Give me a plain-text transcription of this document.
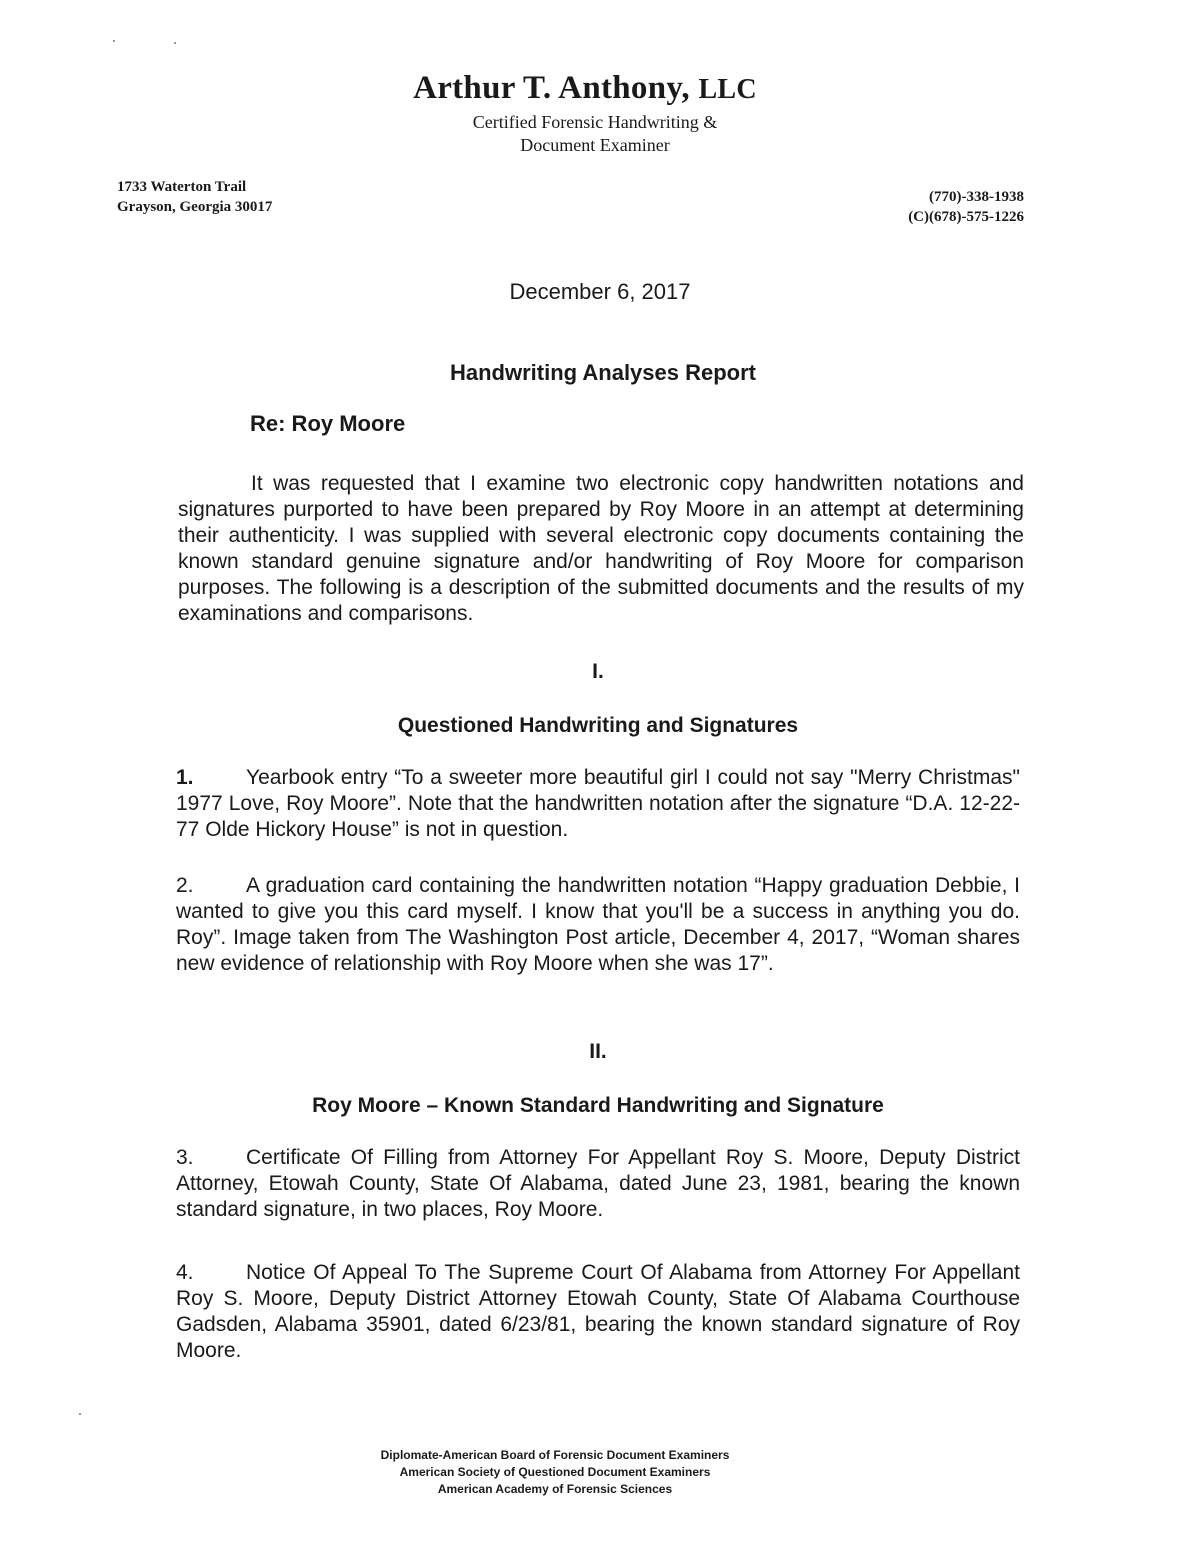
Arthur T. Anthony, LLC
Certified Forensic Handwriting &
Document Examiner
1733 Waterton Trail
Grayson, Georgia 30017
(770)-338-1938
(C)(678)-575-1226
December 6, 2017
Handwriting Analyses Report
Re: Roy Moore
It was requested that I examine two electronic copy handwritten notations and signatures purported to have been prepared by Roy Moore in an attempt at determining their authenticity. I was supplied with several electronic copy documents containing the known standard genuine signature and/or handwriting of Roy Moore for comparison purposes. The following is a description of the submitted documents and the results of my examinations and comparisons.
I.
Questioned Handwriting and Signatures
1. Yearbook entry “To a sweeter more beautiful girl I could not say "Merry Christmas" 1977 Love, Roy Moore”. Note that the handwritten notation after the signature “D.A. 12-22-77 Olde Hickory House” is not in question.
2. A graduation card containing the handwritten notation “Happy graduation Debbie, I wanted to give you this card myself. I know that you'll be a success in anything you do. Roy”. Image taken from The Washington Post article, December 4, 2017, “Woman shares new evidence of relationship with Roy Moore when she was 17”.
II.
Roy Moore – Known Standard Handwriting and Signature
3. Certificate Of Filling from Attorney For Appellant Roy S. Moore, Deputy District Attorney, Etowah County, State Of Alabama, dated June 23, 1981, bearing the known standard signature, in two places, Roy Moore.
4. Notice Of Appeal To The Supreme Court Of Alabama from Attorney For Appellant Roy S. Moore, Deputy District Attorney Etowah County, State Of Alabama Courthouse Gadsden, Alabama 35901, dated 6/23/81, bearing the known standard signature of Roy Moore.
Diplomate-American Board of Forensic Document Examiners
American Society of Questioned Document Examiners
American Academy of Forensic Sciences
